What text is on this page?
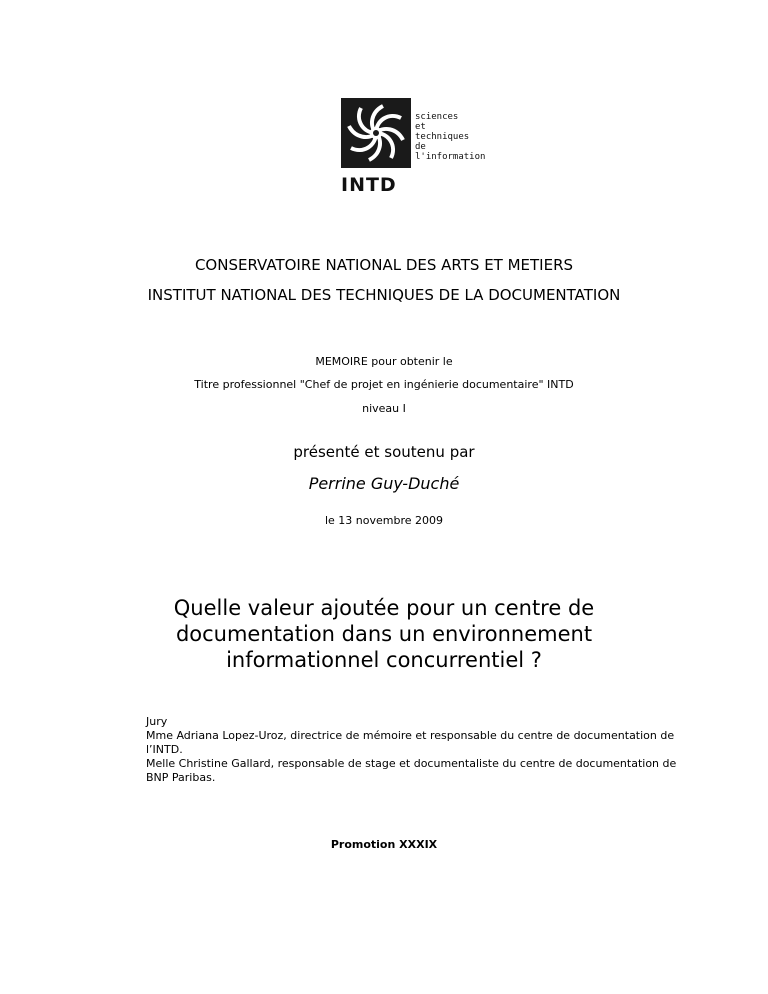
sciences
et
techniques
de
l'information
INTD
CONSERVATOIRE NATIONAL DES ARTS ET METIERS
INSTITUT NATIONAL DES TECHNIQUES DE LA DOCUMENTATION
MEMOIRE pour obtenir le
Titre professionnel "Chef de projet en ingénierie documentaire" INTD
niveau I
présenté et soutenu par
Perrine Guy-Duché
le 13 novembre 2009
Quelle valeur ajoutée pour un centre de documentation dans un environnement informationnel concurrentiel ?
Jury
Mme Adriana Lopez-Uroz, directrice de mémoire et responsable du centre de documentation de l’INTD.
Melle Christine Gallard, responsable de stage et documentaliste du centre de documentation de BNP Paribas.
Promotion XXXIX
